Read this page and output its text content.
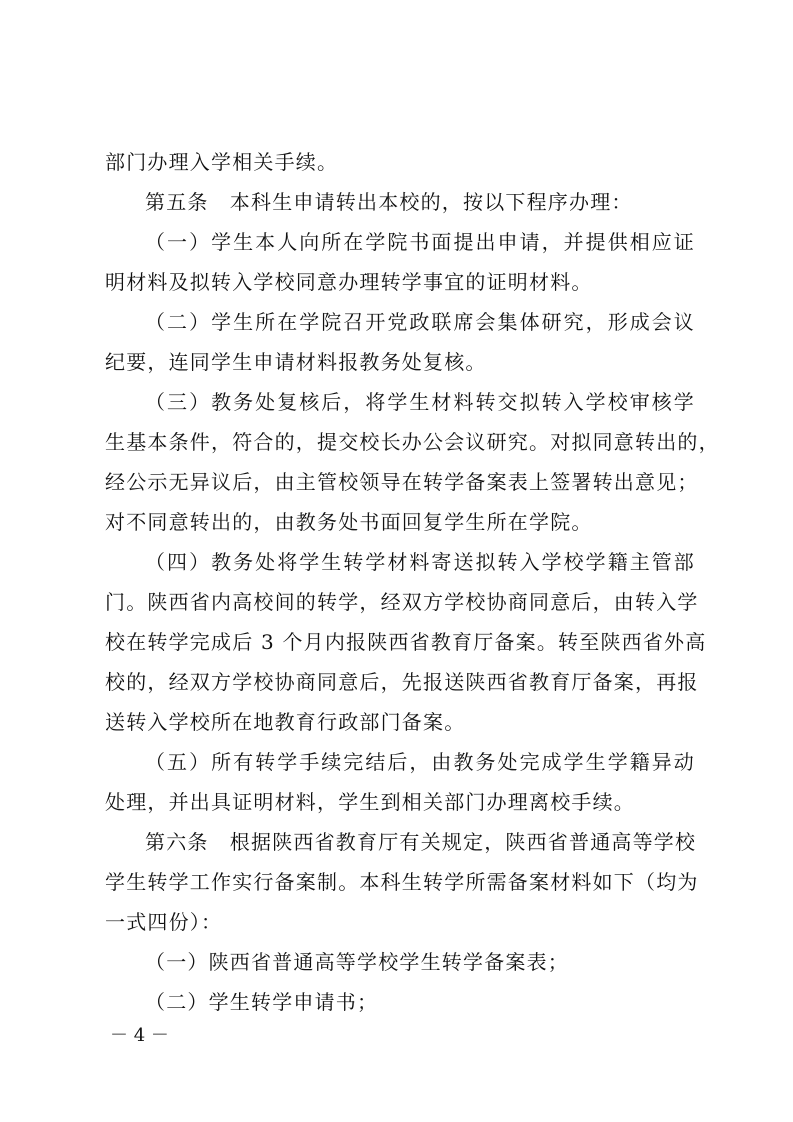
部门办理入学相关手续。
第五条　本科生申请转出本校的，按以下程序办理：
（一）学生本人向所在学院书面提出申请，并提供相应证
明材料及拟转入学校同意办理转学事宜的证明材料。
（二）学生所在学院召开党政联席会集体研究，形成会议
纪要，连同学生申请材料报教务处复核。
（三）教务处复核后，将学生材料转交拟转入学校审核学
生基本条件，符合的，提交校长办公会议研究。对拟同意转出的，
经公示无异议后，由主管校领导在转学备案表上签署转出意见；
对不同意转出的，由教务处书面回复学生所在学院。
（四）教务处将学生转学材料寄送拟转入学校学籍主管部
门。陕西省内高校间的转学，经双方学校协商同意后，由转入学
校在转学完成后 3 个月内报陕西省教育厅备案。转至陕西省外高
校的，经双方学校协商同意后，先报送陕西省教育厅备案，再报
送转入学校所在地教育行政部门备案。
（五）所有转学手续完结后，由教务处完成学生学籍异动
处理，并出具证明材料，学生到相关部门办理离校手续。
第六条　根据陕西省教育厅有关规定，陕西省普通高等学校
学生转学工作实行备案制。本科生转学所需备案材料如下（均为
一式四份）：
（一）陕西省普通高等学校学生转学备案表；
（二）学生转学申请书；
－ 4 －
